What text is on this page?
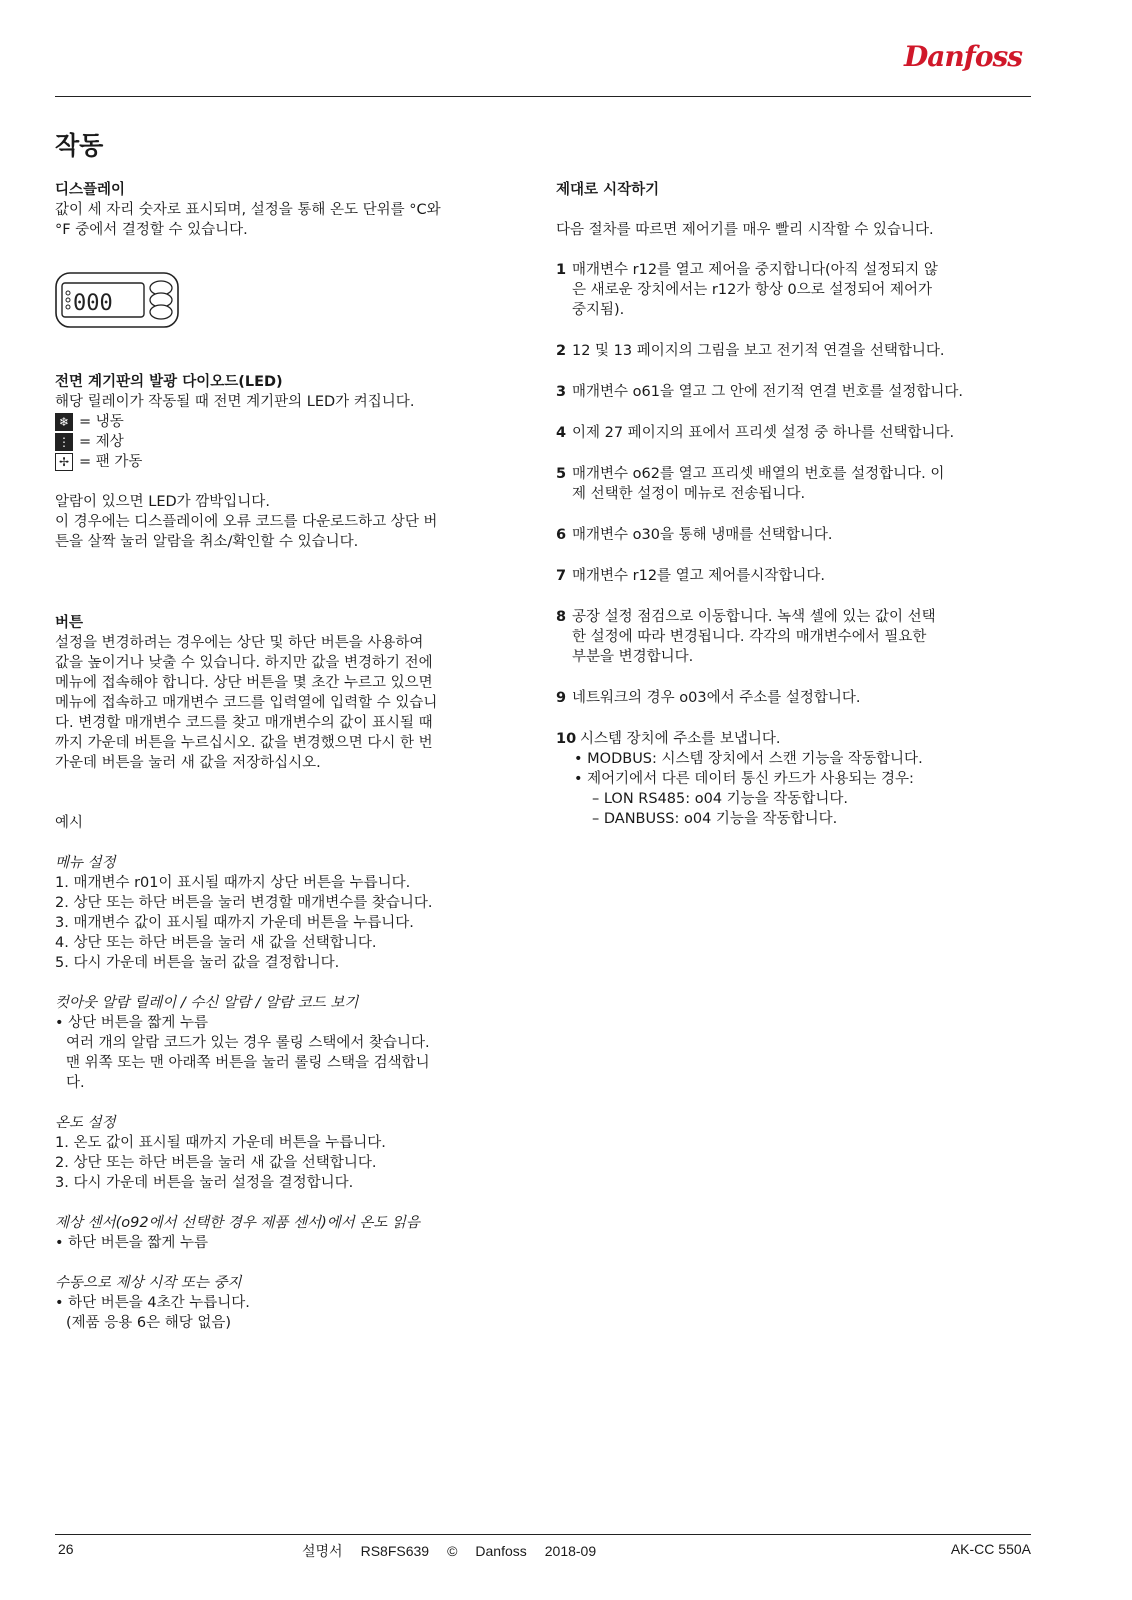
Danfoss
작동
디스플레이
값이 세 자리 숫자로 표시되며, 설정을 통해 온도 단위를 °C와
°F 중에서 결정할 수 있습니다.
000
전면 계기판의 발광 다이오드(LED)
해당 릴레이가 작동될 때 전면 계기판의 LED가 켜집니다.
❄ = 냉동
⋮ = 제상
✢ = 팬 가동
알람이 있으면 LED가 깜박입니다.
이 경우에는 디스플레이에 오류 코드를 다운로드하고 상단 버
튼을 살짝 눌러 알람을 취소/확인할 수 있습니다.
버튼
설정을 변경하려는 경우에는 상단 및 하단 버튼을 사용하여
값을 높이거나 낮출 수 있습니다. 하지만 값을 변경하기 전에
메뉴에 접속해야 합니다. 상단 버튼을 몇 초간 누르고 있으면
메뉴에 접속하고 매개변수 코드를 입력열에 입력할 수 있습니
다. 변경할 매개변수 코드를 찾고 매개변수의 값이 표시될 때
까지 가운데 버튼을 누르십시오. 값을 변경했으면 다시 한 번
가운데 버튼을 눌러 새 값을 저장하십시오.
예시
메뉴 설정
1. 매개변수 r01이 표시될 때까지 상단 버튼을 누릅니다.
2. 상단 또는 하단 버튼을 눌러 변경할 매개변수를 찾습니다.
3. 매개변수 값이 표시될 때까지 가운데 버튼을 누릅니다.
4. 상단 또는 하단 버튼을 눌러 새 값을 선택합니다.
5. 다시 가운데 버튼을 눌러 값을 결정합니다.
컷아웃 알람 릴레이 / 수신 알람 / 알람 코드 보기
• 상단 버튼을 짧게 누름
여러 개의 알람 코드가 있는 경우 롤링 스택에서 찾습니다.
맨 위쪽 또는 맨 아래쪽 버튼을 눌러 롤링 스택을 검색합니
다.
온도 설정
1. 온도 값이 표시될 때까지 가운데 버튼을 누릅니다.
2. 상단 또는 하단 버튼을 눌러 새 값을 선택합니다.
3. 다시 가운데 버튼을 눌러 설정을 결정합니다.
제상 센서(o92에서 선택한 경우 제품 센서)에서 온도 읽음
• 하단 버튼을 짧게 누름
수동으로 제상 시작 또는 중지
• 하단 버튼을 4초간 누릅니다.
(제품 응용 6은 해당 없음)
제대로 시작하기
다음 절차를 따르면 제어기를 매우 빨리 시작할 수 있습니다.
1 매개변수 r12를 열고 제어을 중지합니다(아직 설정되지 않
은 새로운 장치에서는 r12가 항상 0으로 설정되어 제어가
중지됨).
2 12 및 13 페이지의 그림을 보고 전기적 연결을 선택합니다.
3 매개변수 o61을 열고 그 안에 전기적 연결 번호를 설정합니다.
4 이제 27 페이지의 표에서 프리셋 설정 중 하나를 선택합니다.
5 매개변수 o62를 열고 프리셋 배열의 번호를 설정합니다. 이
제 선택한 설정이 메뉴로 전송됩니다.
6 매개변수 o30을 통해 냉매를 선택합니다.
7 매개변수 r12를 열고 제어를시작합니다.
8 공장 설정 점검으로 이동합니다. 녹색 셀에 있는 값이 선택
한 설정에 따라 변경됩니다. 각각의 매개변수에서 필요한
부분을 변경합니다.
9 네트워크의 경우 o03에서 주소를 설정합니다.
10 시스템 장치에 주소를 보냅니다.
• MODBUS: 시스템 장치에서 스캔 기능을 작동합니다.
• 제어기에서 다른 데이터 통신 카드가 사용되는 경우:
– LON RS485: o04 기능을 작동합니다.
– DANBUSS: o04 기능을 작동합니다.
26	설명서 RS8FS639 © Danfoss 2018-09	AK-CC 550A
